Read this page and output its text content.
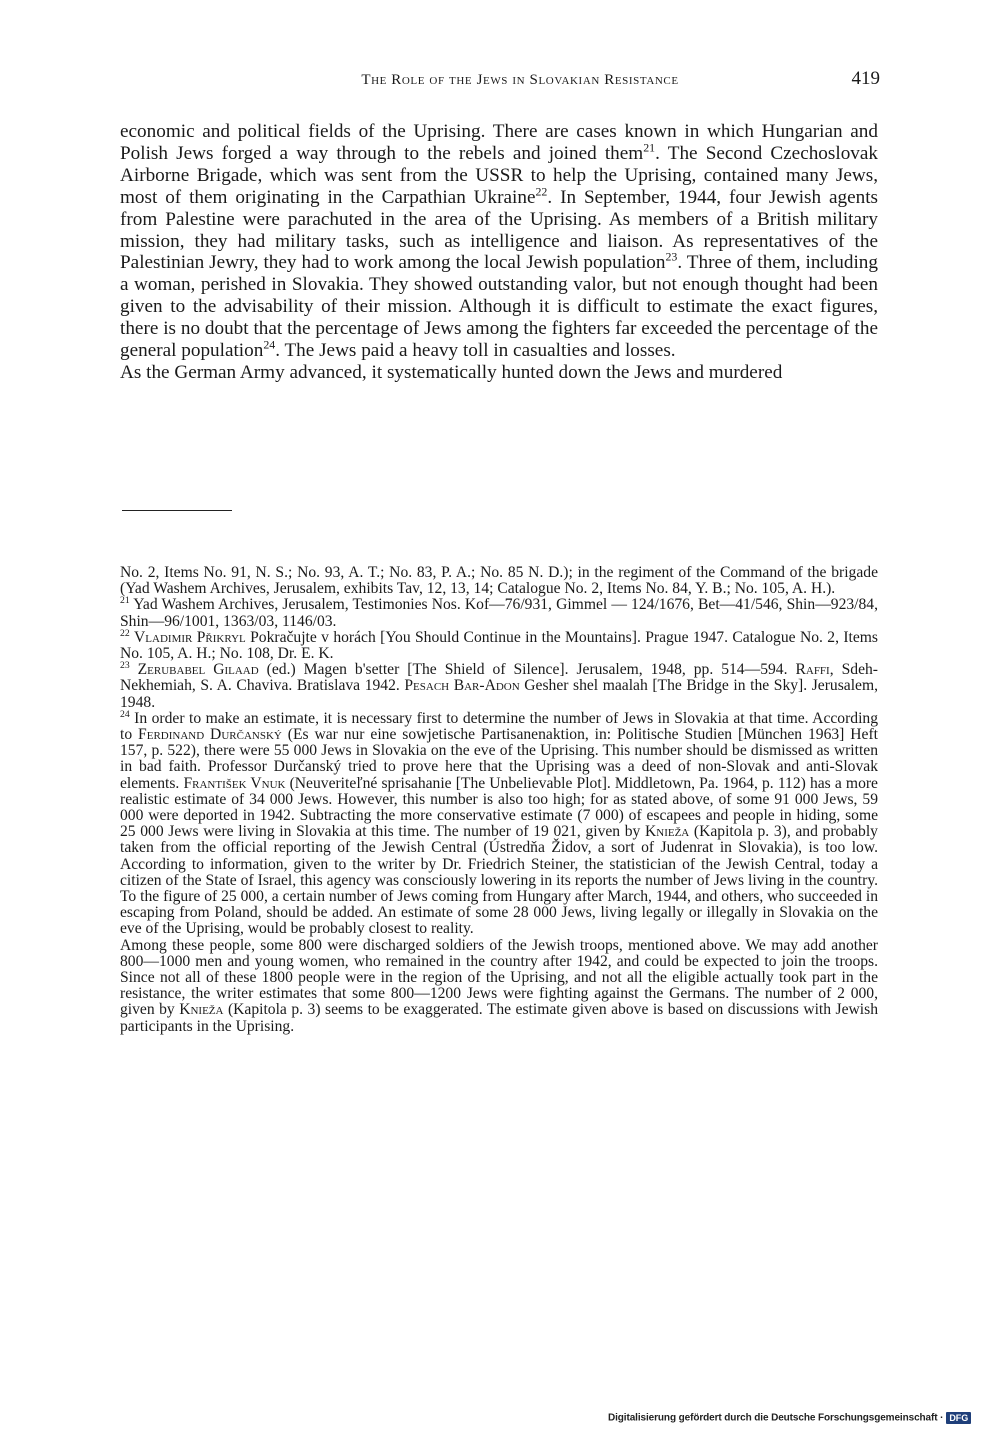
The Role of the Jews in Slovakian Resistance	419

economic and political fields of the Uprising. There are cases known in which Hungarian and Polish Jews forged a way through to the rebels and joined them$^{21}$. The Second Czechoslovak Airborne Brigade, which was sent from the USSR to help the Uprising, contained many Jews, most of them originating in the Carpathian Ukraine$^{22}$. In September, 1944, four Jewish agents from Palestine were parachuted in the area of the Uprising. As members of a British military mission, they had military tasks, such as intelligence and liaison. As representatives of the Palestinian Jewry, they had to work among the local Jewish population$^{23}$. Three of them, including a woman, perished in Slovakia. They showed outstanding valor, but not enough thought had been given to the advisability of their mission. Although it is difficult to estimate the exact figures, there is no doubt that the percentage of Jews among the fighters far exceeded the percentage of the general population$^{24}$. The Jews paid a heavy toll in casualties and losses.

As the German Army advanced, it systematically hunted down the Jews and murdered

No. 2, Items No. 91, N. S.; No. 93, A. T.; No. 83, P. A.; No. 85 N. D.); in the regiment of the Command of the brigade (Yad Washem Archives, Jerusalem, exhibits Tav, 12, 13, 14; Catalogue No. 2, Items No. 84, Y. B.; No. 105, A. H.).

$^{21}$ Yad Washem Archives, Jerusalem, Testimonies Nos. Kof—76/931, Gimmel — 124/1676, Bet—41/546, Shin—923/84, Shin—96/1001, 1363/03, 1146/03.

$^{22}$ Vladimir Přikryl Pokračujte v horách [You Should Continue in the Mountains]. Prague 1947. Catalogue No. 2, Items No. 105, A. H.; No. 108, Dr. E. K.

$^{23}$ Zerubabel Gilaad (ed.) Magen b'setter [The Shield of Silence]. Jerusalem, 1948, pp. 514—594. Raffi, Sdeh-Nekhemiah, S. A. Chaviva. Bratislava 1942. Pesach Bar-Adon Gesher shel maalah [The Bridge in the Sky]. Jerusalem, 1948.

$^{24}$ In order to make an estimate, it is necessary first to determine the number of Jews in Slovakia at that time. According to Ferdinand Durčanský (Es war nur eine sowjetische Partisanenaktion, in: Politische Studien [München 1963] Heft 157, p. 522), there were 55 000 Jews in Slovakia on the eve of the Uprising. This number should be dismissed as written in bad faith. Professor Durčanský tried to prove here that the Uprising was a deed of non-Slovak and anti-Slovak elements. František Vnuk (Neuveriteľné sprisahanie [The Unbelievable Plot]. Middletown, Pa. 1964, p. 112) has a more realistic estimate of 34 000 Jews. However, this number is also too high; for as stated above, of some 91 000 Jews, 59 000 were deported in 1942. Subtracting the more conservative estimate (7 000) of escapees and people in hiding, some 25 000 Jews were living in Slovakia at this time. The number of 19 021, given by Knieža (Kapitola p. 3), and probably taken from the official reporting of the Jewish Central (Ústredňa Židov, a sort of Judenrat in Slovakia), is too low. According to information, given to the writer by Dr. Friedrich Steiner, the statistician of the Jewish Central, today a citizen of the State of Israel, this agency was consciously lowering in its reports the number of Jews living in the country. To the figure of 25 000, a certain number of Jews coming from Hungary after March, 1944, and others, who succeeded in escaping from Poland, should be added. An estimate of some 28 000 Jews, living legally or illegally in Slovakia on the eve of the Uprising, would be probably closest to reality.

Among these people, some 800 were discharged soldiers of the Jewish troops, mentioned above. We may add another 800—1000 men and young women, who remained in the country after 1942, and could be expected to join the troops. Since not all of these 1800 people were in the region of the Uprising, and not all the eligible actually took part in the resistance, the writer estimates that some 800—1200 Jews were fighting against the Germans. The number of 2 000, given by Knieža (Kapitola p. 3) seems to be exaggerated. The estimate given above is based on discussions with Jewish participants in the Uprising.

Digitalisierung gefördert durch die Deutsche Forschungsgemeinschaft · DFG
